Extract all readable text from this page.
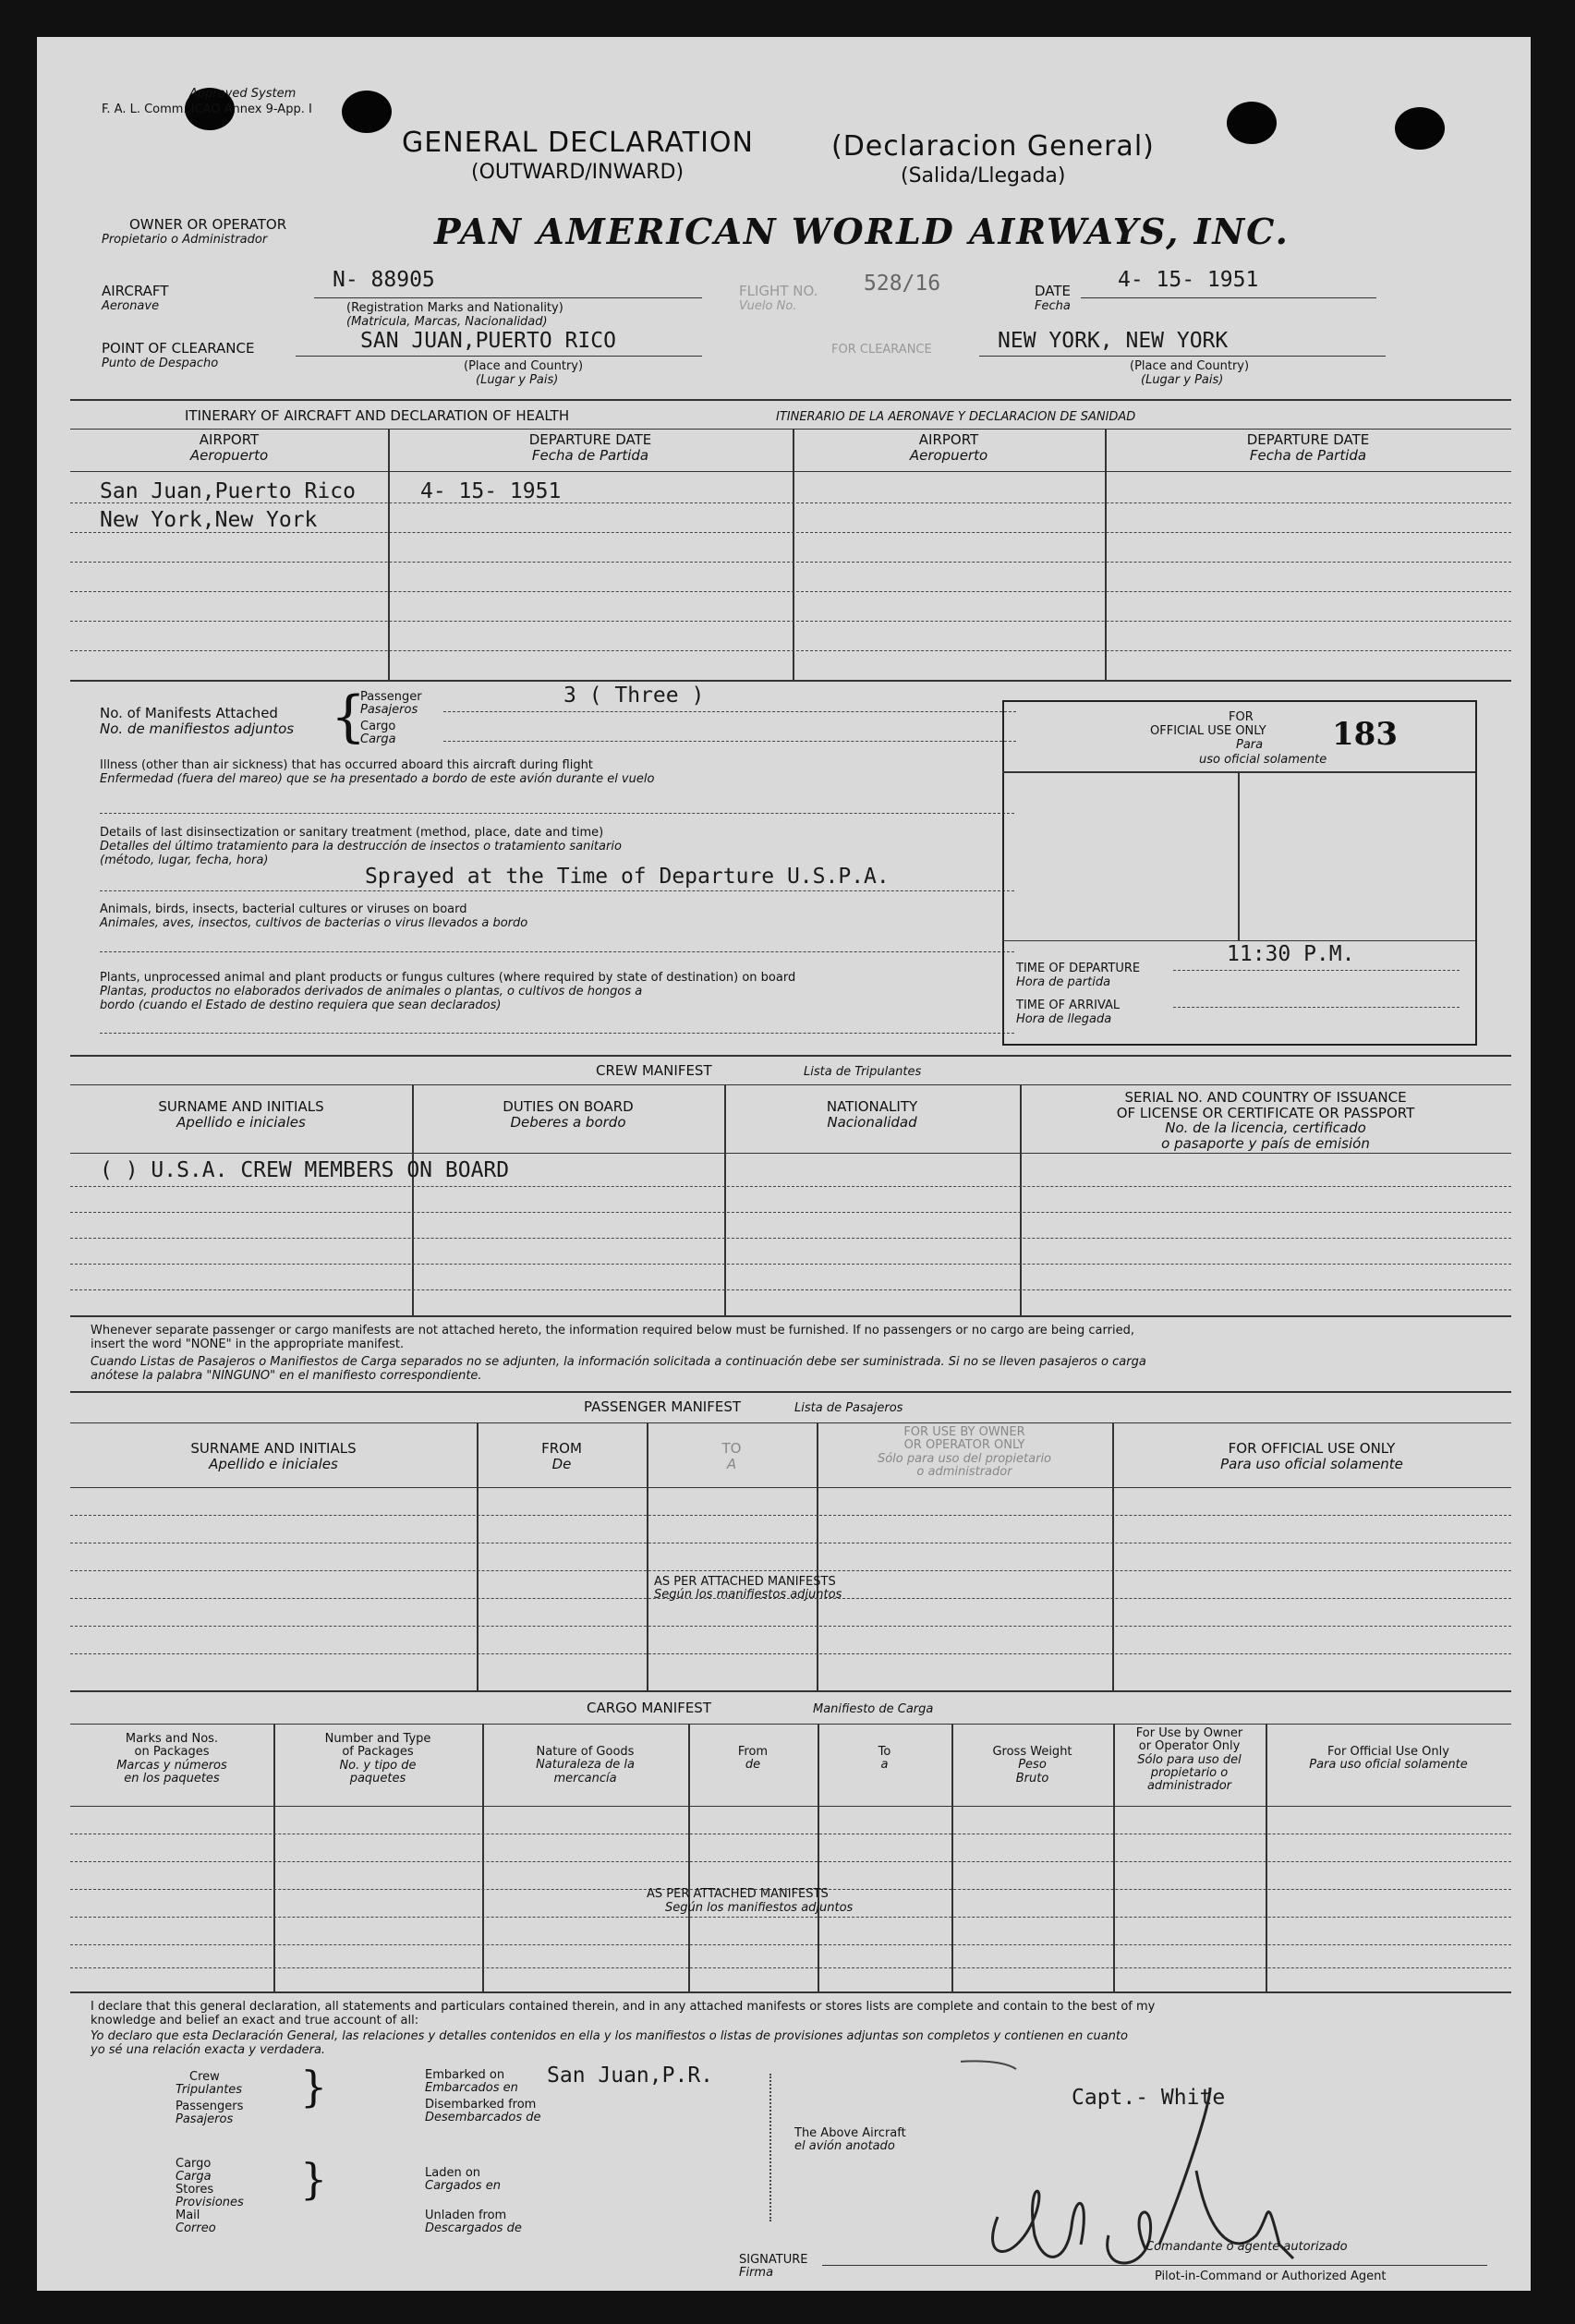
Approved System
F. A. L. Comm. ICAO Annex 9-App. I
GENERAL DECLARATION
(OUTWARD/INWARD)
(Declaracion General)
(Salida/Llegada)
OWNER OR OPERATOR
Propietario o Administrador	PAN AMERICAN WORLD AIRWAYS, INC.
AIRCRAFT
Aeronave
N- 88905
(Registration Marks and Nationality)
(Matricula, Marcas, Nacionalidad)
FLIGHT NO.
Vuelo No.
528/16	DATE
Fecha
4- 15- 1951
POINT OF CLEARANCE
Punto de Despacho
SAN JUAN,PUERTO RICO
(Place and Country)
(Lugar y Pais)
FOR CLEARANCE	NEW YORK, NEW YORK
(Place and Country)
(Lugar y Pais)
ITINERARY OF AIRCRAFT AND DECLARATION OF HEALTH	ITINERARIO DE LA AERONAVE Y DECLARACION DE SANIDAD
AIRPORT
Aeropuerto
DEPARTURE DATE
Fecha de Partida
AIRPORT
Aeropuerto
DEPARTURE DATE
Fecha de Partida
San Juan,Puerto Rico	4- 15- 1951
New York,New York
No. of Manifests Attached
No. de manifiestos adjuntos {
Passenger
Pasajeros
Cargo
Carga
3 ( Three )
Illness (other than air sickness) that has occurred aboard this aircraft during flight
Enfermedad (fuera del mareo) que se ha presentado a bordo de este avión durante el vuelo
Details of last disinsectization or sanitary treatment (method, place, date and time)
Detalles del último tratamiento para la destrucción de insectos o tratamiento sanitario
(método, lugar, fecha, hora)
Sprayed at the Time of Departure U.S.P.A.
Animals, birds, insects, bacterial cultures or viruses on board
Animales, aves, insectos, cultivos de bacterias o virus llevados a bordo
Plants, unprocessed animal and plant products or fungus cultures (where required by state of destination) on board
Plantas, productos no elaborados derivados de animales o plantas, o cultivos de hongos a
bordo (cuando el Estado de destino requiera que sean declarados)
FOR
OFFICIAL USE ONLY
Para
uso oficial solamente
183
TIME OF DEPARTURE
Hora de partida
11:30 P.M.
TIME OF ARRIVAL
Hora de llegada
CREW MANIFEST	Lista de Tripulantes
SURNAME AND INITIALS
Apellido e iniciales
DUTIES ON BOARD
Deberes a bordo
NATIONALITY
Nacionalidad
SERIAL NO. AND COUNTRY OF ISSUANCE
OF LICENSE OR CERTIFICATE OR PASSPORT
No. de la licencia, certificado
o pasaporte y país de emisión
( ) U.S.A. CREW MEMBERS ON BOARD
Whenever separate passenger or cargo manifests are not attached hereto, the information required below must be furnished. If no passengers or no cargo are being carried,
insert the word "NONE" in the appropriate manifest.
Cuando Listas de Pasajeros o Manifiestos de Carga separados no se adjunten, la información solicitada a continuación debe ser suministrada. Si no se lleven pasajeros o carga
anótese la palabra "NINGUNO" en el manifiesto correspondiente.
PASSENGER MANIFEST	Lista de Pasajeros
SURNAME AND INITIALS
Apellido e iniciales
FROM
De
TO
A
FOR USE BY OWNER
OR OPERATOR ONLY
Sólo para uso del propietario
o administrador
FOR OFFICIAL USE ONLY
Para uso oficial solamente
AS PER ATTACHED MANIFESTS
Según los manifiestos adjuntos
CARGO MANIFEST	Manifiesto de Carga
Marks and Nos.
on Packages
Marcas y números
en los paquetes
Number and Type
of Packages
No. y tipo de
paquetes
Nature of Goods
Naturaleza de la
mercancía
From
de
To
a
Gross Weight
Peso
Bruto
For Use by Owner
or Operator Only
Sólo para uso del
propietario o
administrador
For Official Use Only
Para uso oficial solamente
AS PER ATTACHED MANIFESTS
Según los manifiestos adjuntos
I declare that this general declaration, all statements and particulars contained therein, and in any attached manifests or stores lists are complete and contain to the best of my
knowledge and belief an exact and true account of all:
Yo declaro que esta Declaración General, las relaciones y detalles contenidos en ella y los manifiestos o listas de provisiones adjuntas son completos y contienen en cuanto
yo sé una relación exacta y verdadera.
Crew
Tripulantes
Passengers
Pasajeros
}	Embarked on
Embarcados en
San Juan,P.R.
Disembarked from
Desembarcados de
Cargo
Carga
Stores
Provisiones
Mail
Correo
}	Laden on
Cargados en
Unladen from
Descargados de
The Above Aircraft
el avión anotado
Capt.- White
SIGNATURE
Firma
Comandante o agente autorizado
Pilot-in-Command or Authorized Agent
